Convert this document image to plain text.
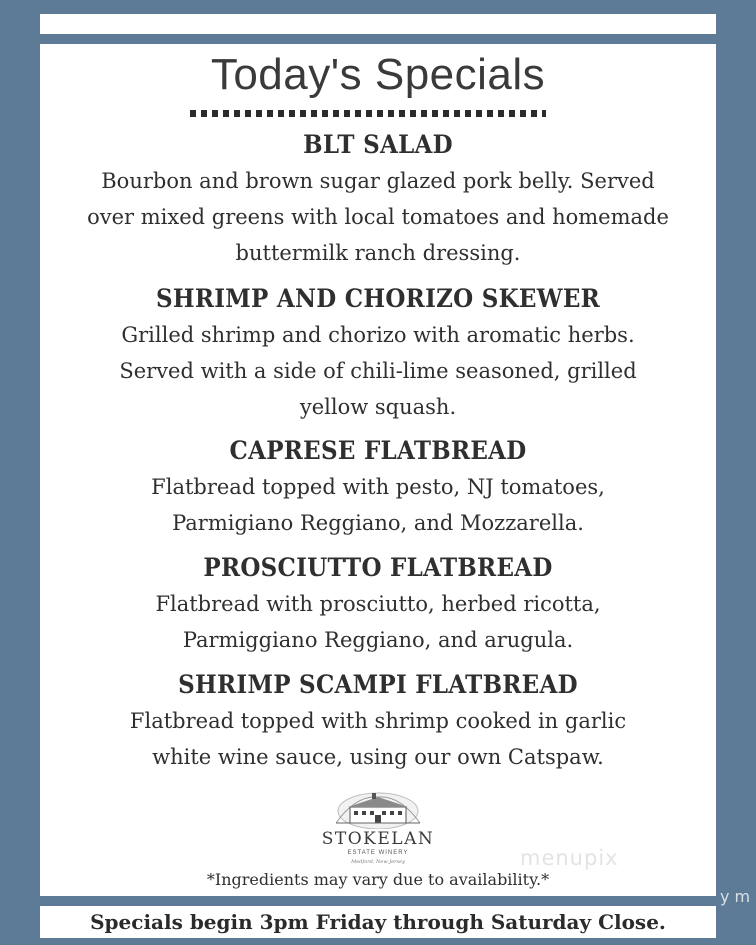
Today's Specials
BLT SALAD
Bourbon and brown sugar glazed pork belly. Served over mixed greens with local tomatoes and homemade buttermilk ranch dressing.
SHRIMP AND CHORIZO SKEWER
Grilled shrimp and chorizo with aromatic herbs. Served with a side of chili-lime seasoned, grilled yellow squash.
CAPRESE FLATBREAD
Flatbread topped with pesto, NJ tomatoes, Parmigiano Reggiano, and Mozzarella.
PROSCIUTTO FLATBREAD
Flatbread with prosciutto, herbed ricotta, Parmiggiano Reggiano, and arugula.
SHRIMP SCAMPI FLATBREAD
Flatbread topped with shrimp cooked in garlic white wine sauce, using our own Catspaw.
STOKELAN
ESTATE WINERY
Medford, New Jersey	menupix
*Ingredients may vary due to availability.*
Specials begin 3pm Friday through Saturday Close.
y m
